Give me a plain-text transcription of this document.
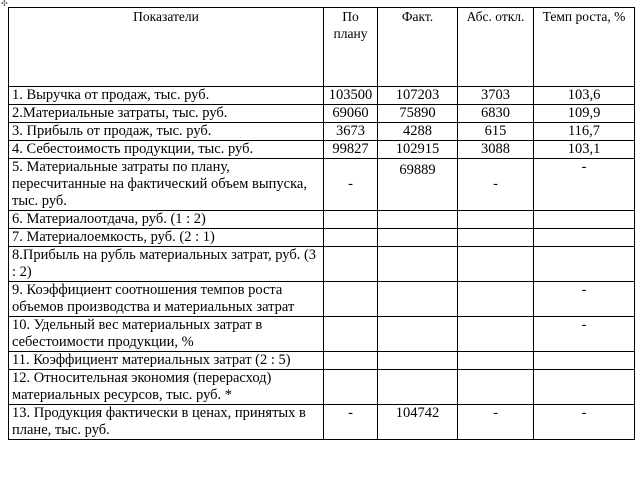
✣
Показатели	По плану	Факт.	Абс. откл.	Темп роста, %
1. Выручка от продаж, тыс. руб.	103500	107203	3703	103,6
2.Материальные затраты, тыс. руб.	69060	75890	6830	109,9
3. Прибыль от продаж, тыс. руб.	3673	4288	615	116,7
4. Себестоимость продукции, тыс. руб.	99827	102915	3088	103,1
5. Материальные затраты по плану, пересчитанные на фактический объем выпуска, тыс. руб.	-	69889	-	-
6. Материалоотдача, руб. (1 : 2)				
7. Материалоемкость, руб. (2 : 1)				
8.Прибыль на рубль материальных затрат, руб. (3 : 2)				
9. Коэффициент соотношения темпов роста объемов производства и материальных затрат				-
10. Удельный вес материальных затрат в себестоимости продукции, %				-
11. Коэффициент материальных затрат (2 : 5)				
12. Относительная экономия (перерасход) материальных ресурсов, тыс. руб. *				
13. Продукция фактически в ценах, принятых в плане, тыс. руб.	-	104742	-	-
